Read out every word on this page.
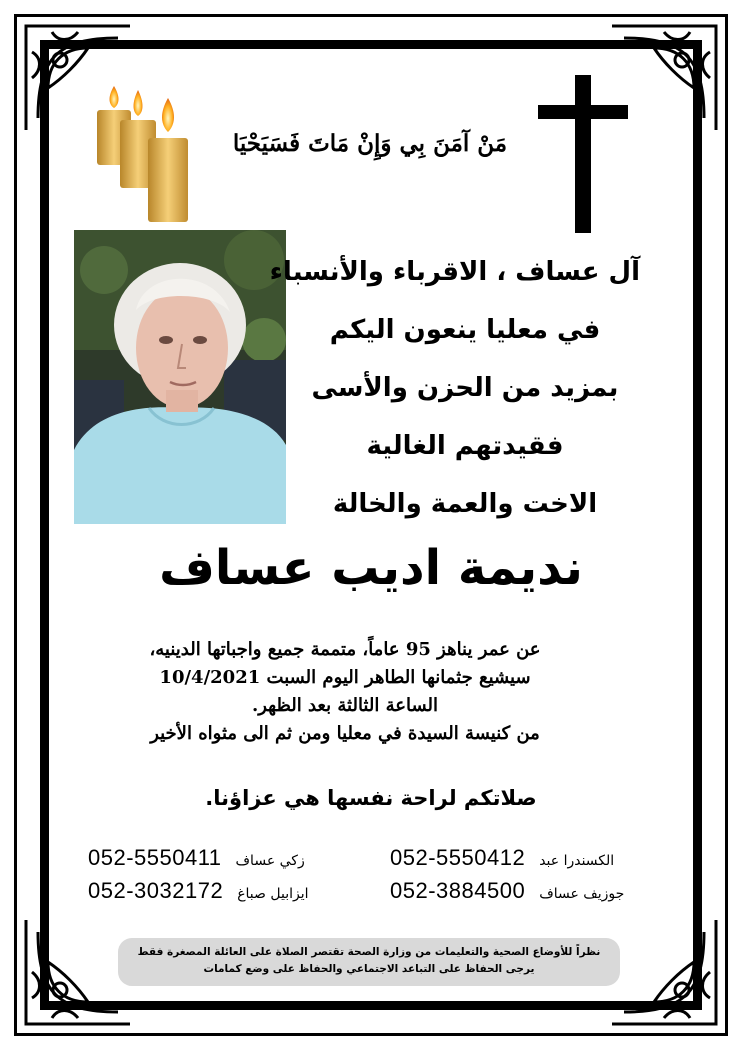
مَنْ آمَنَ بِي وَإِنْ مَاتَ فَسَيَحْيَا
آل عساف ، الاقرباء والأنسباء
في معليا ينعون اليكم
بمزيد من الحزن والأسى
فقيدتهم الغالية
الاخت والعمة والخالة
نديمة اديب عساف
عن عمر يناهز 95 عاماً، متممة جميع واجباتها الدينيه،
سيشيع جثمانها الطاهر اليوم السبت 10/4/2021
الساعة الثالثة بعد الظهر.
من كنيسة السيدة في معليا ومن ثم الى مثواه الأخير
صلاتكم لراحة نفسها هي عزاؤنا.
052-5550411 زكي عساف	052-5550412 الكسندرا عبد
052-3032172 ايزابيل صباغ	052-3884500 جوزيف عساف
نظراً للأوضاع الصحية والتعليمات من وزارة الصحة تقتصر الصلاة على العائلة المصغرة فقط
يرجى الحفاظ على التباعد الاجتماعي والحفاظ على وضع كمامات
